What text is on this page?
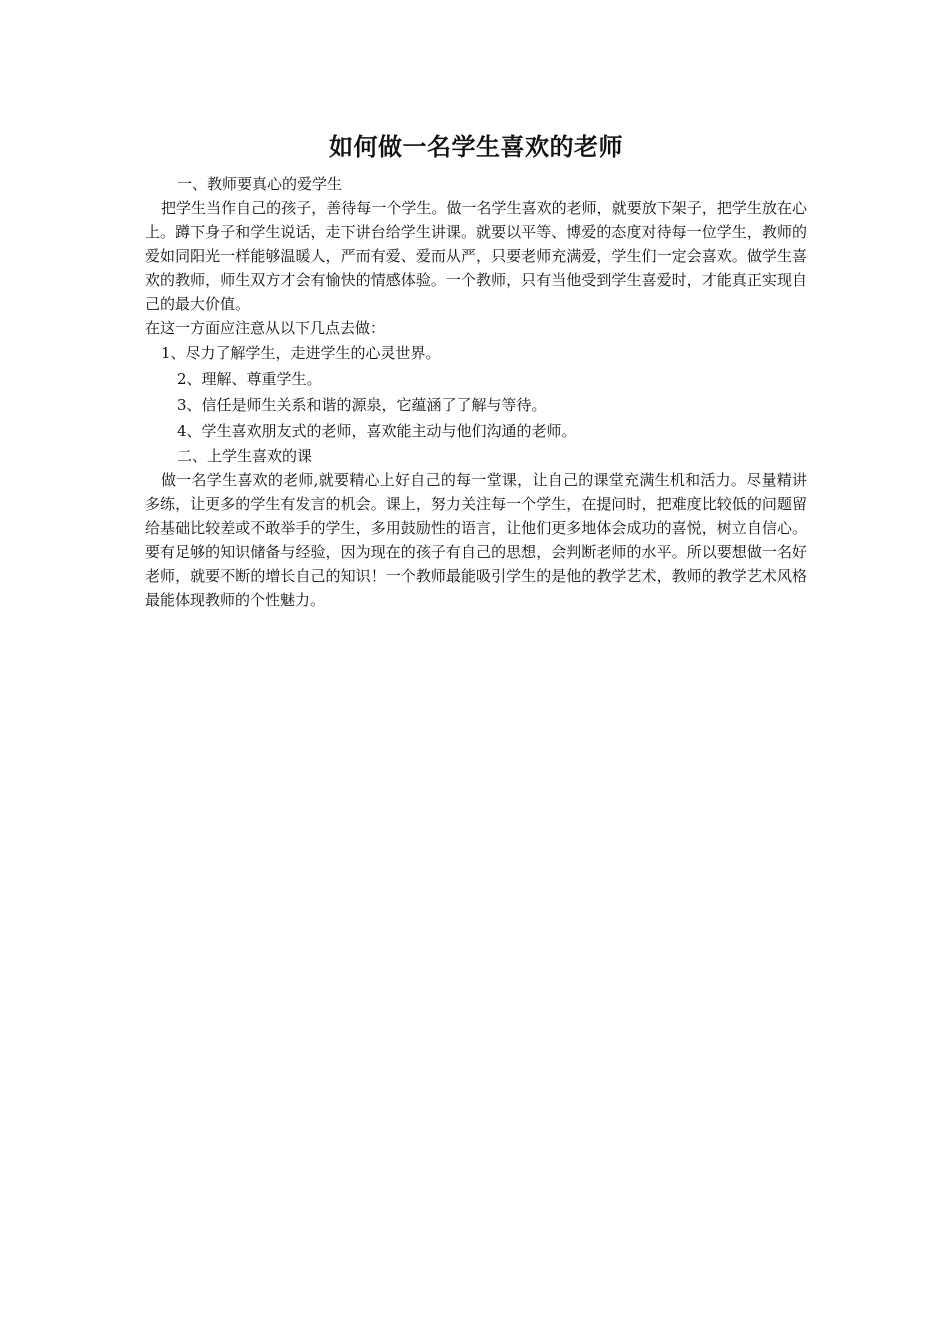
如何做一名学生喜欢的老师

一、教师要真心的爱学生

把学生当作自己的孩子，善待每一个学生。做一名学生喜欢的老师，就要放下架子，把学生放在心上。蹲下身子和学生说话，走下讲台给学生讲课。就要以平等、博爱的态度对待每一位学生，教师的爱如同阳光一样能够温暖人，严而有爱、爱而从严，只要老师充满爱，学生们一定会喜欢。做学生喜欢的教师，师生双方才会有愉快的情感体验。一个教师，只有当他受到学生喜爱时，才能真正实现自己的最大价值。

在这一方面应注意从以下几点去做：

1、尽力了解学生，走进学生的心灵世界。

2、理解、尊重学生。

3、信任是师生关系和谐的源泉，它蕴涵了了解与等待。

4、学生喜欢朋友式的老师，喜欢能主动与他们沟通的老师。

二、上学生喜欢的课

做一名学生喜欢的老师,就要精心上好自己的每一堂课，让自己的课堂充满生机和活力。尽量精讲多练，让更多的学生有发言的机会。课上，努力关注每一个学生，在提问时，把难度比较低的问题留给基础比较差或不敢举手的学生，多用鼓励性的语言，让他们更多地体会成功的喜悦，树立自信心。要有足够的知识储备与经验，因为现在的孩子有自己的思想，会判断老师的水平。所以要想做一名好老师，就要不断的增长自己的知识！一个教师最能吸引学生的是他的教学艺术，教师的教学艺术风格最能体现教师的个性魅力。
